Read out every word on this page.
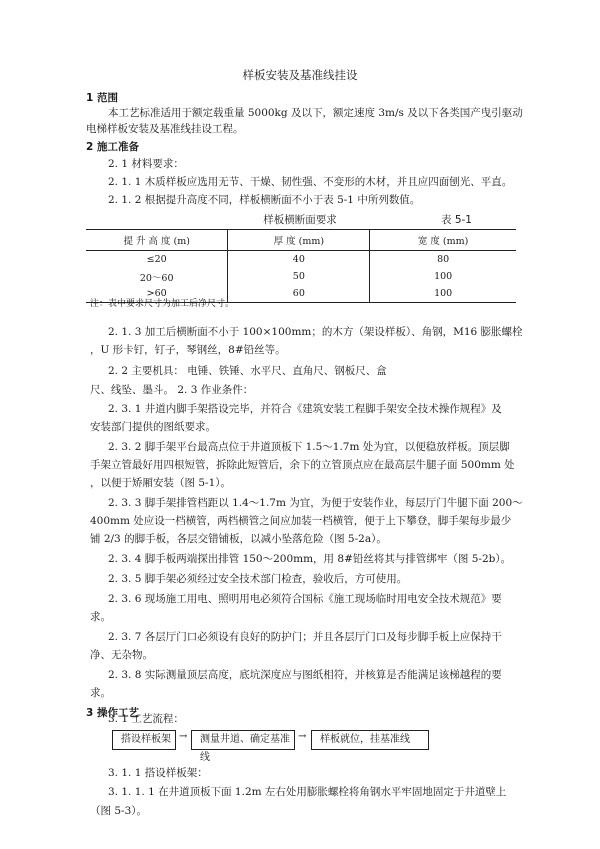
样板安装及基准线挂设
1 范围
本工艺标准适用于额定载重量 5000kg 及以下，额定速度 3m/s 及以下各类国产曳引驱动
电梯样板安装及基准线挂设工程。
2 施工准备
2. 1 材料要求：
2. 1. 1 木质样板应选用无节、干燥、韧性强、不变形的木材，并且应四面刨光、平直。
2. 1. 2 根据提升高度不同，样板横断面不小于表 5-1 中所列数值。
样板横断面要求	表 5-1
提 升 高 度 (m)	厚 度 (mm)	宽 度 (mm)
≤20	40	80
20～60	50	100
>60	60	100
注：表中要求尺寸为加工后净尺寸。
2. 1. 3 加工后横断面不小于 100×100mm；的木方（架设样板）、角钢，M16 膨胀螺栓
，U 形卡钉，钉子，琴钢丝，8#铅丝等。
2. 2 主要机具： 电锤、铁锤、水平尺、直角尺、钢板尺、盒
尺、线坠、墨斗。 2. 3 作业条件：
2. 3. 1 井道内脚手架搭设完毕，并符合《建筑安装工程脚手架安全技术操作规程》及
安装部门提供的图纸要求。
2. 3. 2 脚手架平台最高点位于井道顶板下 1.5～1.7m 处为宜，以便稳放样板。顶层脚
手架立管最好用四根短管，拆除此短管后，余下的立管顶点应在最高层牛腿子面 500mm 处
，以便于矫厢安装（图 5-1）。
2. 3. 3 脚手架排管档距以 1.4～1.7m 为宜，为便于安装作业，每层厅门牛腿下面 200～
400mm 处应设一档横管，两档横管之间应加装一档横管，便于上下攀登，脚手架每步最少
铺 2/3 的脚手板，各层交错铺板，以减小坠落危险（图 5-2a）。
2. 3. 4 脚手板两端探出排管 150～200mm，用 8#铅丝将其与排管绑牢（图 5-2b）。
2. 3. 5 脚手架必须经过安全技术部门检查，验收后，方可使用。
2. 3. 6 现场施工用电、照明用电必须符合国标《施工现场临时用电安全技术规范》要
求。
2. 3. 7 各层厅门口必须设有良好的防护门；并且各层厅门口及每步脚手板上应保持干
净、无杂物。
2. 3. 8 实际测量顶层高度，底坑深度应与图纸相符，并核算是否能满足该梯越程的要
求。
3 操作工艺
3. 1 工艺流程：
搭设样板架 →	测量井道、确定基准线
→	样板就位，挂基准线
3. 1. 1 搭设样板架：
3. 1. 1. 1 在井道顶板下面 1.2m 左右处用膨胀螺栓将角钢水平牢固地固定于井道壁上
（图 5-3）。
